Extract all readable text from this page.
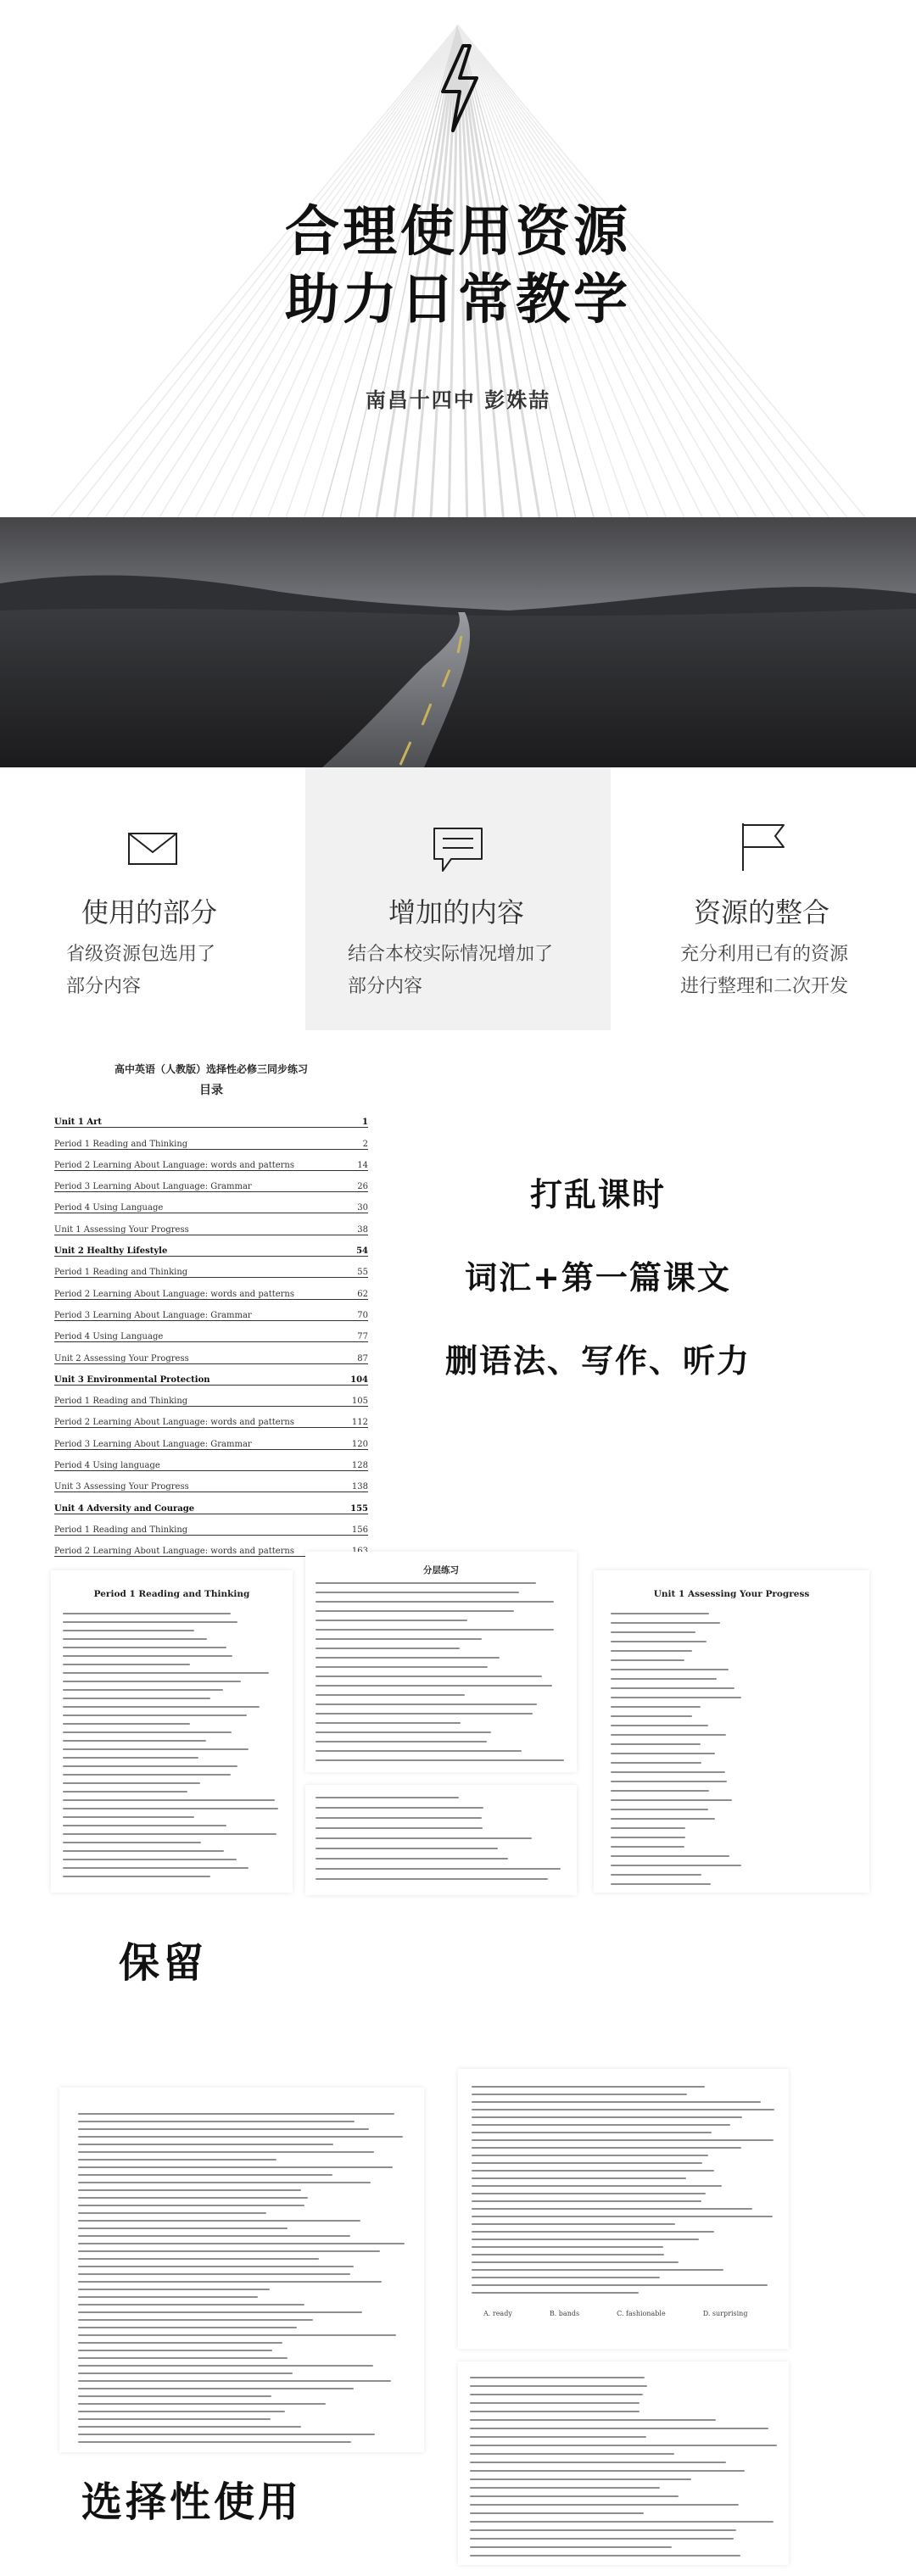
合理使用资源
助力日常教学
南昌十四中 彭姝喆
使用的部分

省级资源包选用了

部分内容

增加的内容

结合本校实际情况增加了

部分内容

资源的整合

充分利用已有的资源

进行整理和二次开发

高中英语（人教版）选择性必修三同步练习
目录
Unit 1 Art	1
Period 1 Reading and Thinking	2
Period 2 Learning About Language: words and patterns	14
Period 3 Learning About Language: Grammar	26
Period 4 Using Language	30
Unit 1 Assessing Your Progress	38
Unit 2 Healthy Lifestyle	54
Period 1 Reading and Thinking	55
Period 2 Learning About Language: words and patterns	62
Period 3 Learning About Language: Grammar	70
Period 4 Using Language	77
Unit 2 Assessing Your Progress	87
Unit 3 Environmental Protection	104
Period 1 Reading and Thinking	105
Period 2 Learning About Language: words and patterns	112
Period 3 Learning About Language: Grammar	120
Period 4 Using language	128
Unit 3 Assessing Your Progress	138
Unit 4 Adversity and Courage	155
Period 1 Reading and Thinking	156
Period 2 Learning About Language: words and patterns
打乱课时
词汇+第一篇课文
删语法、写作、听力
Period 1 Reading and Thinking
分层练习
Unit 1 Assessing Your Progress
保留
A. ready	B. bands	C. fashionable	D. surprising
选择性使用
